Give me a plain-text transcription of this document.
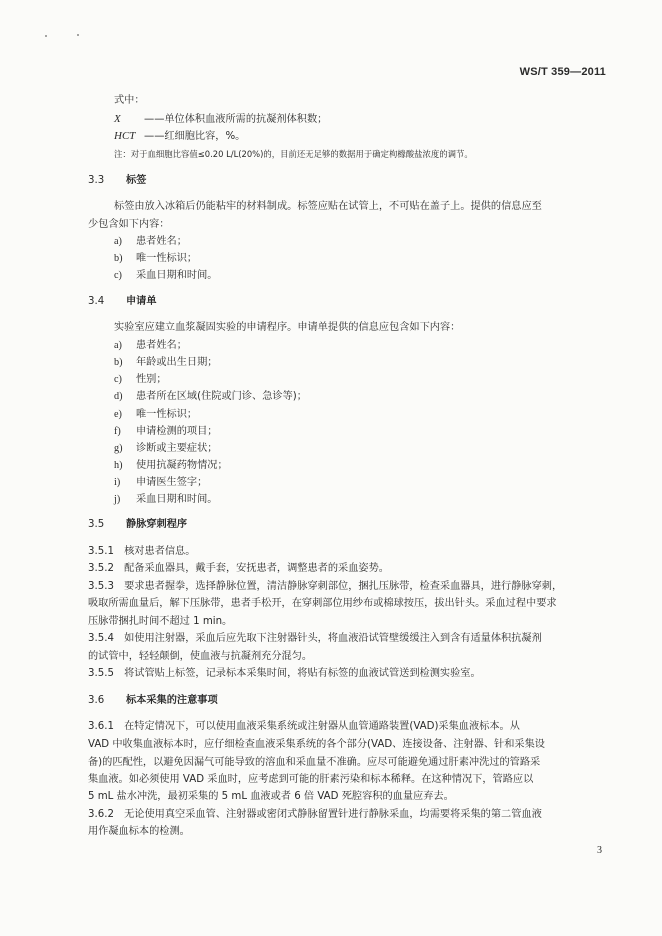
WS/T 359—2011
式中：
X ——单位体积血液所需的抗凝剂体积数；
HCT ——红细胞比容，%。
注：对于血细胞比容值≤0.20 L/L(20%)的，目前还无足够的数据用于确定枸橼酸盐浓度的调节。
3.3 标签
标签由放入冰箱后仍能粘牢的材料制成。标签应贴在试管上，不可贴在盖子上。提供的信息应至
少包含如下内容：
a) 患者姓名；
b) 唯一性标识；
c) 采血日期和时间。
3.4 申请单
实验室应建立血浆凝固实验的申请程序。申请单提供的信息应包含如下内容：
a) 患者姓名；
b) 年龄或出生日期；
c) 性别；
d) 患者所在区域(住院或门诊、急诊等)；
e) 唯一性标识；
f) 申请检测的项目；
g) 诊断或主要症状；
h) 使用抗凝药物情况；
i) 申请医生签字；
j) 采血日期和时间。
3.5 静脉穿刺程序
3.5.1　核对患者信息。
3.5.2　配备采血器具，戴手套，安抚患者，调整患者的采血姿势。
3.5.3　要求患者握拳，选择静脉位置，清洁静脉穿刺部位，捆扎压脉带，检查采血器具，进行静脉穿刺，
吸取所需血量后，解下压脉带，患者手松开，在穿刺部位用纱布或棉球按压，拔出针头。采血过程中要求
压脉带捆扎时间不超过 1 min。
3.5.4　如使用注射器，采血后应先取下注射器针头，将血液沿试管壁缓缓注入到含有适量体积抗凝剂
的试管中，轻轻颠倒，使血液与抗凝剂充分混匀。
3.5.5　将试管贴上标签，记录标本采集时间，将贴有标签的血液试管送到检测实验室。
3.6 标本采集的注意事项
3.6.1　在特定情况下，可以使用血液采集系统或注射器从血管通路装置(VAD)采集血液标本。从
VAD 中收集血液标本时，应仔细检查血液采集系统的各个部分(VAD、连接设备、注射器、针和采集设
备)的匹配性，以避免因漏气可能导致的溶血和采血量不准确。应尽可能避免通过肝素冲洗过的管路采
集血液。如必须使用 VAD 采血时，应考虑到可能的肝素污染和标本稀释。在这种情况下，管路应以
5 mL 盐水冲洗，最初采集的 5 mL 血液或者 6 倍 VAD 死腔容积的血量应弃去。
3.6.2　无论使用真空采血管、注射器或密闭式静脉留置针进行静脉采血，均需要将采集的第二管血液
用作凝血标本的检测。
3
